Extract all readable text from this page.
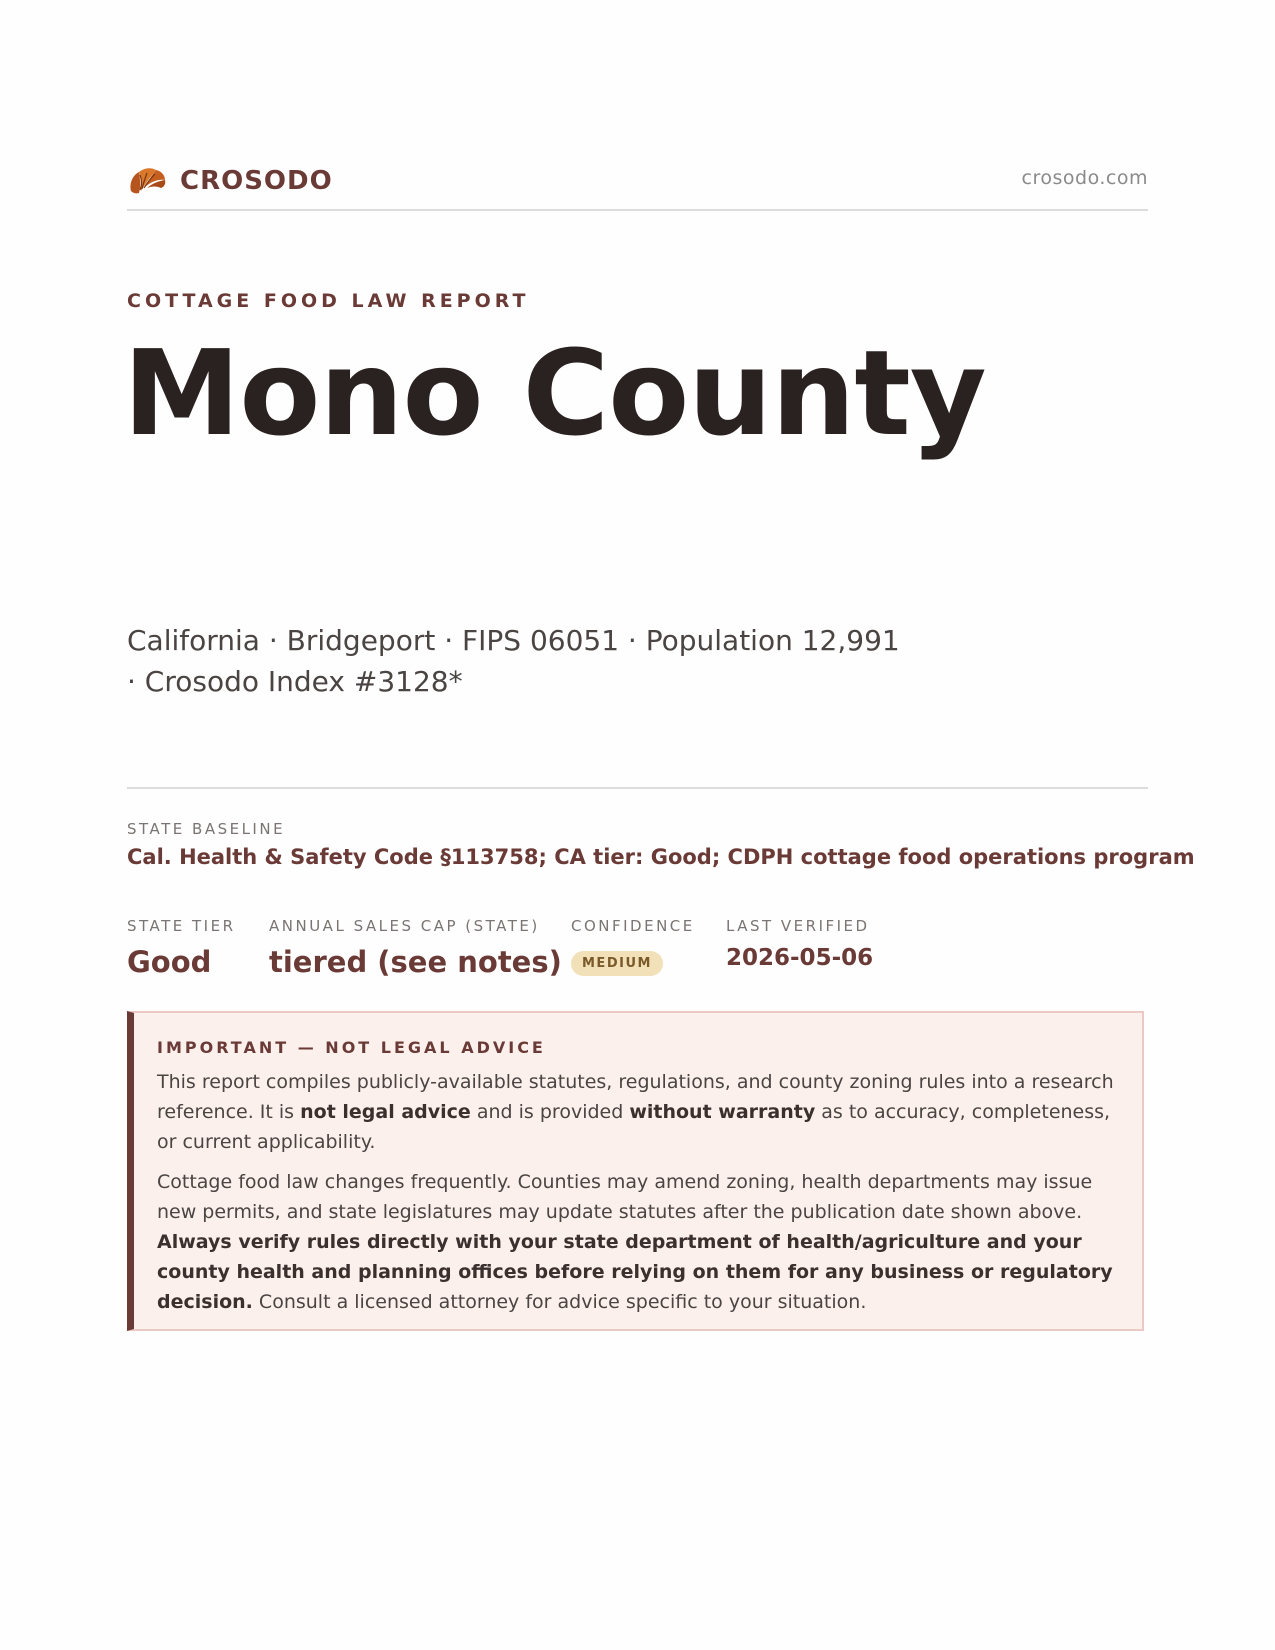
CROSODO	crosodo.com
COTTAGE FOOD LAW REPORT
Mono County
California · Bridgeport · FIPS 06051 · Population 12,991 · Crosodo Index #3128*
STATE BASELINE
Cal. Health & Safety Code §113758; CA tier: Good; CDPH cottage food operations program
STATE TIER
Good
ANNUAL SALES CAP (STATE)
tiered (see notes)
CONFIDENCE
MEDIUM
LAST VERIFIED
2026-05-06
IMPORTANT — NOT LEGAL ADVICE

This report compiles publicly-available statutes, regulations, and county zoning rules into a research reference. It is not legal advice and is provided without warranty as to accuracy, completeness, or current applicability.

Cottage food law changes frequently. Counties may amend zoning, health departments may issue new permits, and state legislatures may update statutes after the publication date shown above. Always verify rules directly with your state department of health/agriculture and your county health and planning offices before relying on them for any business or regulatory decision. Consult a licensed attorney for advice specific to your situation.
